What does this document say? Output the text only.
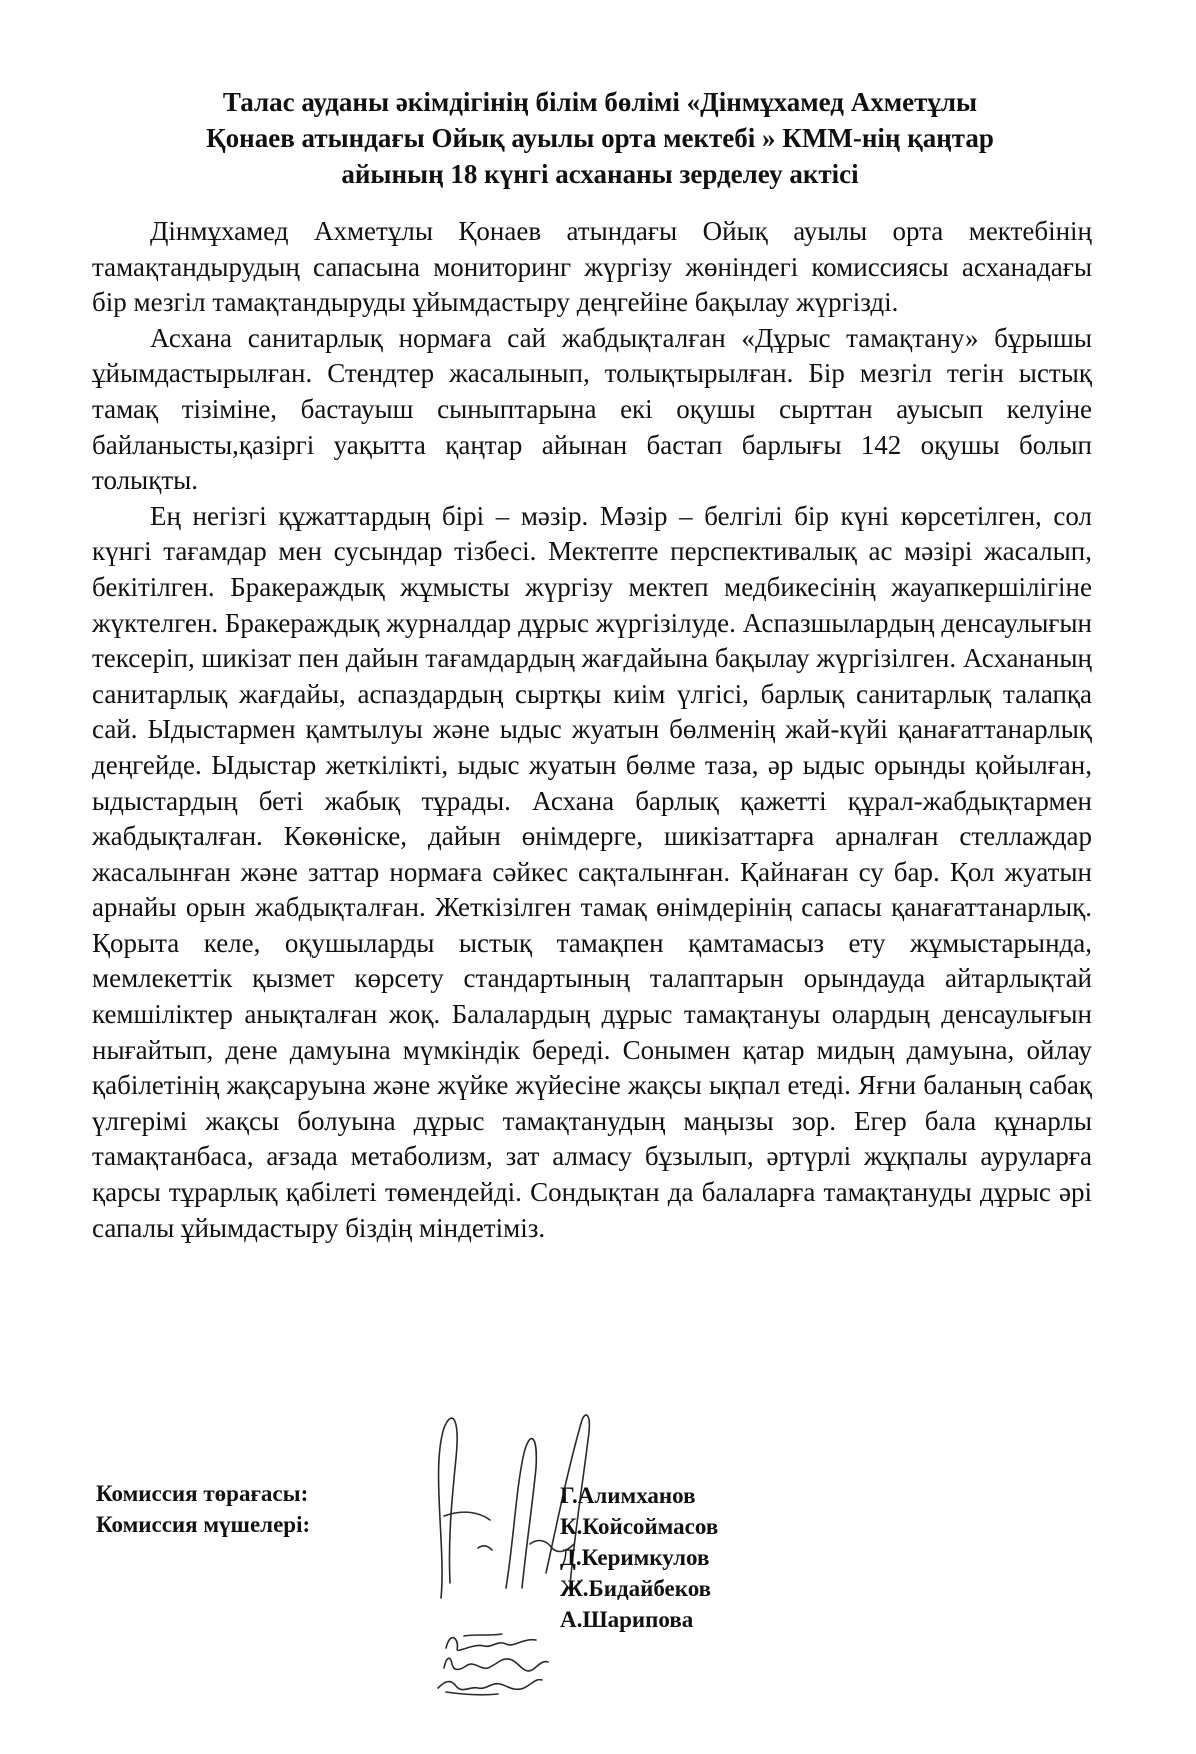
Талас ауданы әкімдігінің білім бөлімі «Дінмұхамед Ахметұлы
Қонаев атындағы Ойық ауылы орта мектебі » КММ-нің қаңтар
айының 18 күнгі асхананы зерделеу актісі

Дінмұхамед Ахметұлы Қонаев атындағы Ойық ауылы орта мектебінің тамақтандырудың сапасына мониторинг жүргізу жөніндегі комиссиясы асханадағы бір мезгіл тамақтандыруды ұйымдастыру деңгейіне бақылау жүргізді.

Асхана санитарлық нормаға сай жабдықталған «Дұрыс тамақтану» бұрышы ұйымдастырылған. Стендтер жасалынып, толықтырылған. Бір мезгіл тегін ыстық тамақ тізіміне, бастауыш сыныптарына екі оқушы сырттан ауысып келуіне байланысты,қазіргі уақытта қаңтар айынан бастап барлығы 142 оқушы болып толықты.

Ең негізгі құжаттардың бірі – мәзір. Мәзір – белгілі бір күні көрсетілген, сол күнгі тағамдар мен сусындар тізбесі. Мектепте перспективалық ас мәзірі жасалып, бекітілген. Бракераждық жұмысты жүргізу мектеп медбикесінің жауапкершілігіне жүктелген. Бракераждық журналдар дұрыс жүргізілуде. Аспазшылардың денсаулығын тексеріп, шикізат пен дайын тағамдардың жағдайына бақылау жүргізілген. Асхананың санитарлық жағдайы, аспаздардың сыртқы киім үлгісі, барлық санитарлық талапқа сай. Ыдыстармен қамтылуы және ыдыс жуатын бөлменің жай-күйі қанағаттанарлық деңгейде. Ыдыстар жеткілікті, ыдыс жуатын бөлме таза, әр ыдыс орынды қойылған, ыдыстардың беті жабық тұрады. Асхана барлық қажетті құрал-жабдықтармен жабдықталған. Көкөніске, дайын өнімдерге, шикізаттарға арналған стеллаждар жасалынған және заттар нормаға сәйкес сақталынған. Қайнаған су бар. Қол жуатын арнайы орын жабдықталған. Жеткізілген тамақ өнімдерінің сапасы қанағаттанарлық. Қорыта келе, оқушыларды ыстық тамақпен қамтамасыз ету жұмыстарында, мемлекеттік қызмет көрсету стандартының талаптарын орындауда айтарлықтай кемшіліктер анықталған жоқ. Балалардың дұрыс тамақтануы олардың денсаулығын нығайтып, дене дамуына мүмкіндік береді. Сонымен қатар мидың дамуына, ойлау қабілетінің жақсаруына және жүйке жүйесіне жақсы ықпал етеді. Яғни баланың сабақ үлгерімі жақсы болуына дұрыс тамақтанудың маңызы зор. Егер бала құнарлы тамақтанбаса, ағзада метаболизм, зат алмасу бұзылып, әртүрлі жұқпалы ауруларға қарсы тұрарлық қабілеті төмендейді. Сондықтан да балаларға тамақтануды дұрыс әрі сапалы ұйымдастыру біздің міндетіміз.

Комиссия төрағасы:
Комиссия мүшелері:
Г.Алимханов
К.Койсоймасов
Д.Керимкулов
Ж.Бидайбеков
А.Шарипова
